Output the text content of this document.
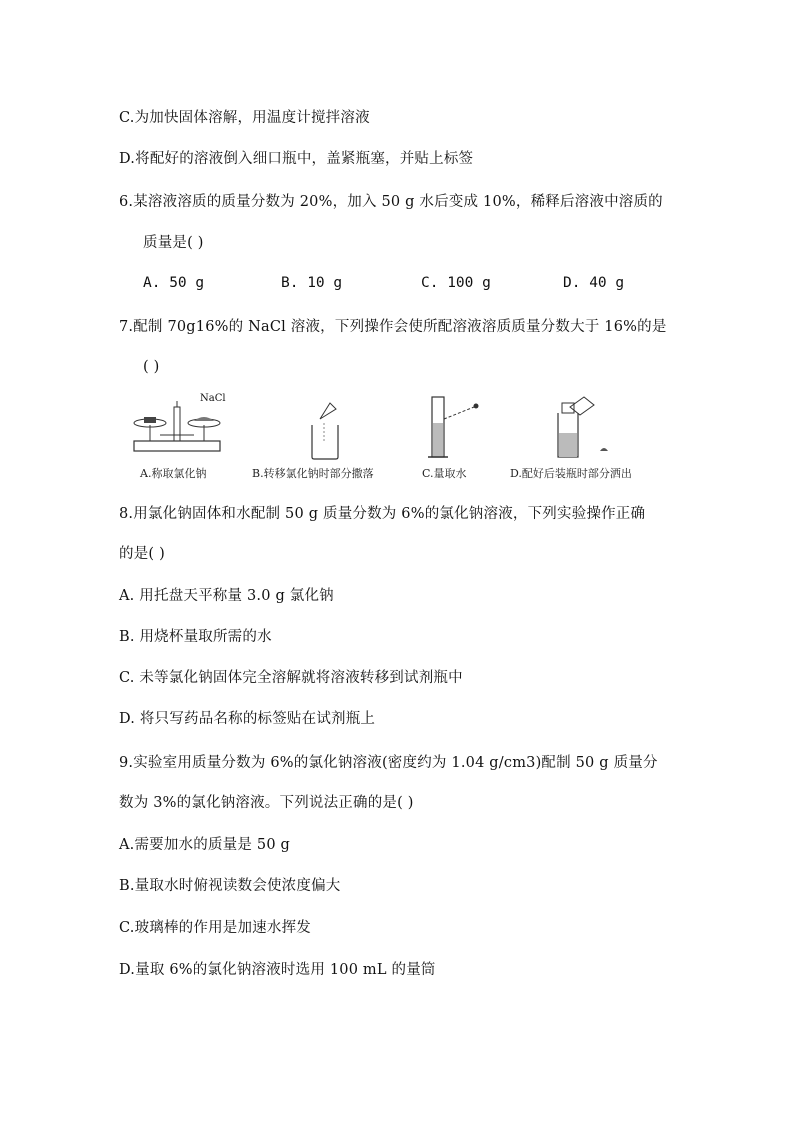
C.为加快固体溶解，用温度计搅拌溶液
D.将配好的溶液倒入细口瓶中，盖紧瓶塞，并贴上标签
6.某溶液溶质的质量分数为 20%，加入 50 g 水后变成 10%，稀释后溶液中溶质的
质量是( )
A. 50 g	B. 10 g	C. 100 g	D. 40 g
7.配制 70g16%的 NaCl 溶液，下列操作会使所配溶液溶质质量分数大于 16%的是
( )
NaCl
A.称取氯化钠	B.转移氯化钠时部分撒落	C.量取水	D.配好后装瓶时部分洒出
8.用氯化钠固体和水配制 50 g 质量分数为 6%的氯化钠溶液，下列实验操作正确
的是( )
A. 用托盘天平称量 3.0 g 氯化钠
B. 用烧杯量取所需的水
C. 未等氯化钠固体完全溶解就将溶液转移到试剂瓶中
D. 将只写药品名称的标签贴在试剂瓶上
9.实验室用质量分数为 6%的氯化钠溶液(密度约为 1.04 g/cm3)配制 50 g 质量分
数为 3%的氯化钠溶液。下列说法正确的是( )
A.需要加水的质量是 50 g
B.量取水时俯视读数会使浓度偏大
C.玻璃棒的作用是加速水挥发
D.量取 6%的氯化钠溶液时选用 100 mL 的量筒
